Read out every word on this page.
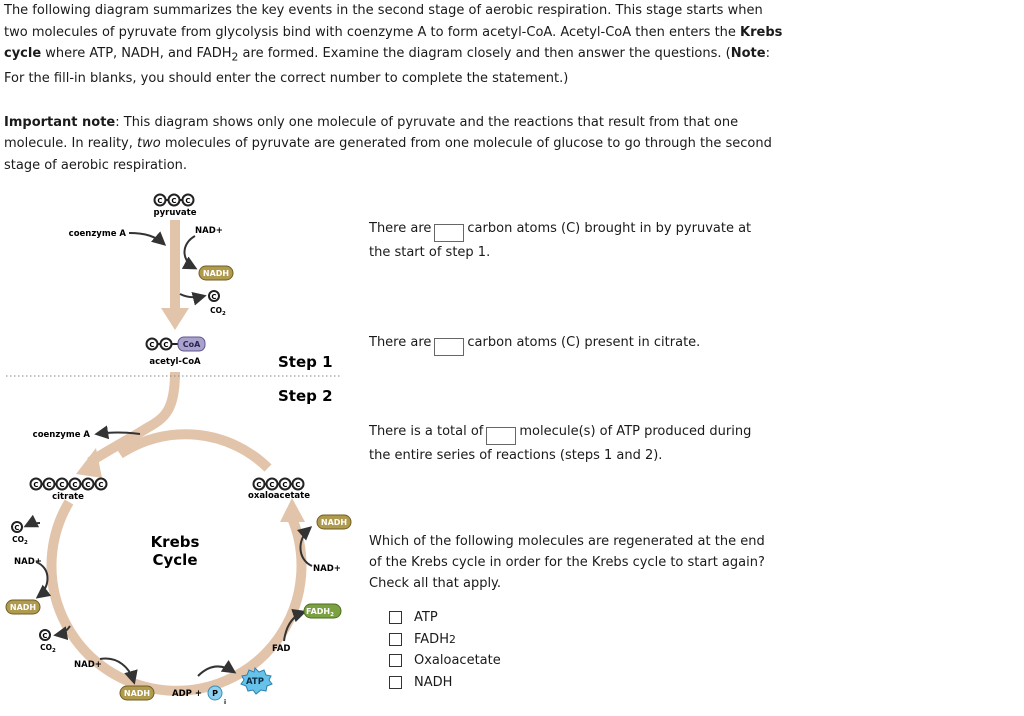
The following diagram summarizes the key events in the second stage of aerobic respiration. This stage starts when two molecules of pyruvate from glycolysis bind with coenzyme A to form acetyl-CoA. Acetyl-CoA then enters the Krebs cycle where ATP, NADH, and $FADH_2$ are formed. Examine the diagram closely and then answer the questions. (Note: For the fill-in blanks, you should enter the correct number to complete the statement.)

Important note: This diagram shows only one molecule of pyruvate and the reactions that result from that one molecule. In reality, two molecules of pyruvate are generated from one molecule of glucose to go through the second stage of aerobic respiration.

C C C
pyruvate
coenzyme A	NAD+
NADH
C
$CO_2$
C C CoA
acetyl-CoA	Step 1
Step 2
coenzyme A
C C C C C C
citrate
C C C C
oxaloacetate
C
$CO_2$
NAD+
NADH
C
$CO_2$
NAD+
NADH
Krebs
Cycle
ADP + P
i
ATP
FAD
$FADH_2$
NAD+
NADH
There are	carbon atoms (C) brought in by pyruvate at the start of step 1.
There are	carbon atoms (C) present in citrate.
There is a total of	molecule(s) of ATP produced during the entire series of reactions (steps 1 and 2).
Which of the following molecules are regenerated at the end of the Krebs cycle in order for the Krebs cycle to start again? Check all that apply.
ATP
FADH 2
Oxaloacetate
NADH
